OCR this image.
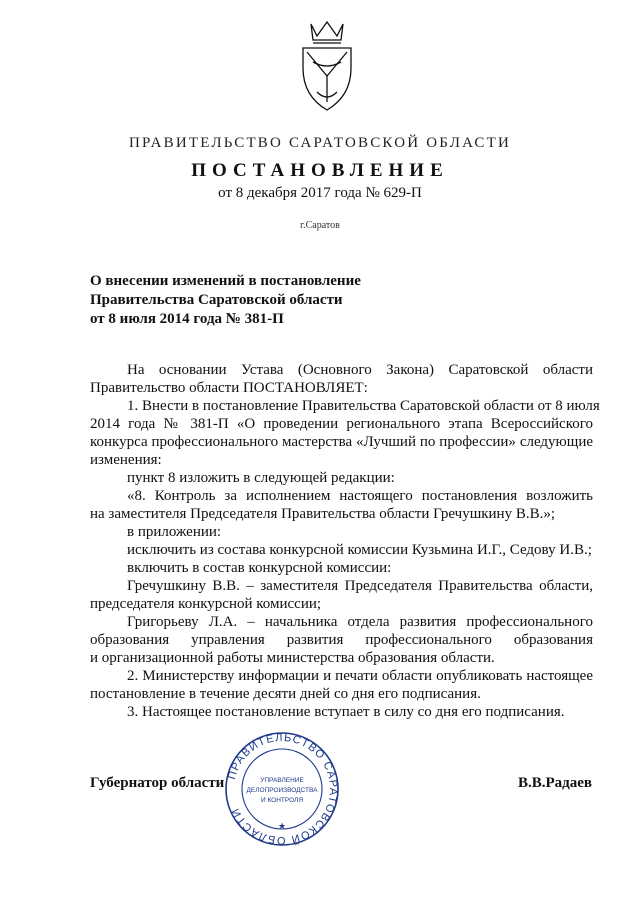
ПРАВИТЕЛЬСТВО САРАТОВСКОЙ ОБЛАСТИ
ПОСТАНОВЛЕНИЕ
от 8 декабря 2017 года № 629-П
г.Саратов
О внесении изменений в постановление
Правительства Саратовской области
от 8 июля 2014 года № 381-П
На основании Устава (Основного Закона) Саратовской области
Правительство области ПОСТАНОВЛЯЕТ:
1. Внести в постановление Правительства Саратовской области от 8 июля
2014 года № 381-П «О проведении регионального этапа Всероссийского
конкурса профессионального мастерства «Лучший по профессии» следующие
изменения:
пункт 8 изложить в следующей редакции:
«8. Контроль за исполнением настоящего постановления возложить
на заместителя Председателя Правительства области Гречушкину В.В.»;
в приложении:
исключить из состава конкурсной комиссии Кузьмина И.Г., Седову И.В.;
включить в состав конкурсной комиссии:
Гречушкину В.В. – заместителя Председателя Правительства области,
председателя конкурсной комиссии;
Григорьеву Л.А. – начальника отдела развития профессионального
образования управления развития профессионального образования
и организационной работы министерства образования области.
2. Министерству информации и печати области опубликовать настоящее
постановление в течение десяти дней со дня его подписания.
3. Настоящее постановление вступает в силу со дня его подписания.
Губернатор области	В.В.Радаев
ПРАВИТЕЛЬСТВО САРАТОВСКОЙ ОБЛАСТИ
УПРАВЛЕНИЕ
ДЕЛОПРОИЗВОДСТВА
И КОНТРОЛЯ
★
